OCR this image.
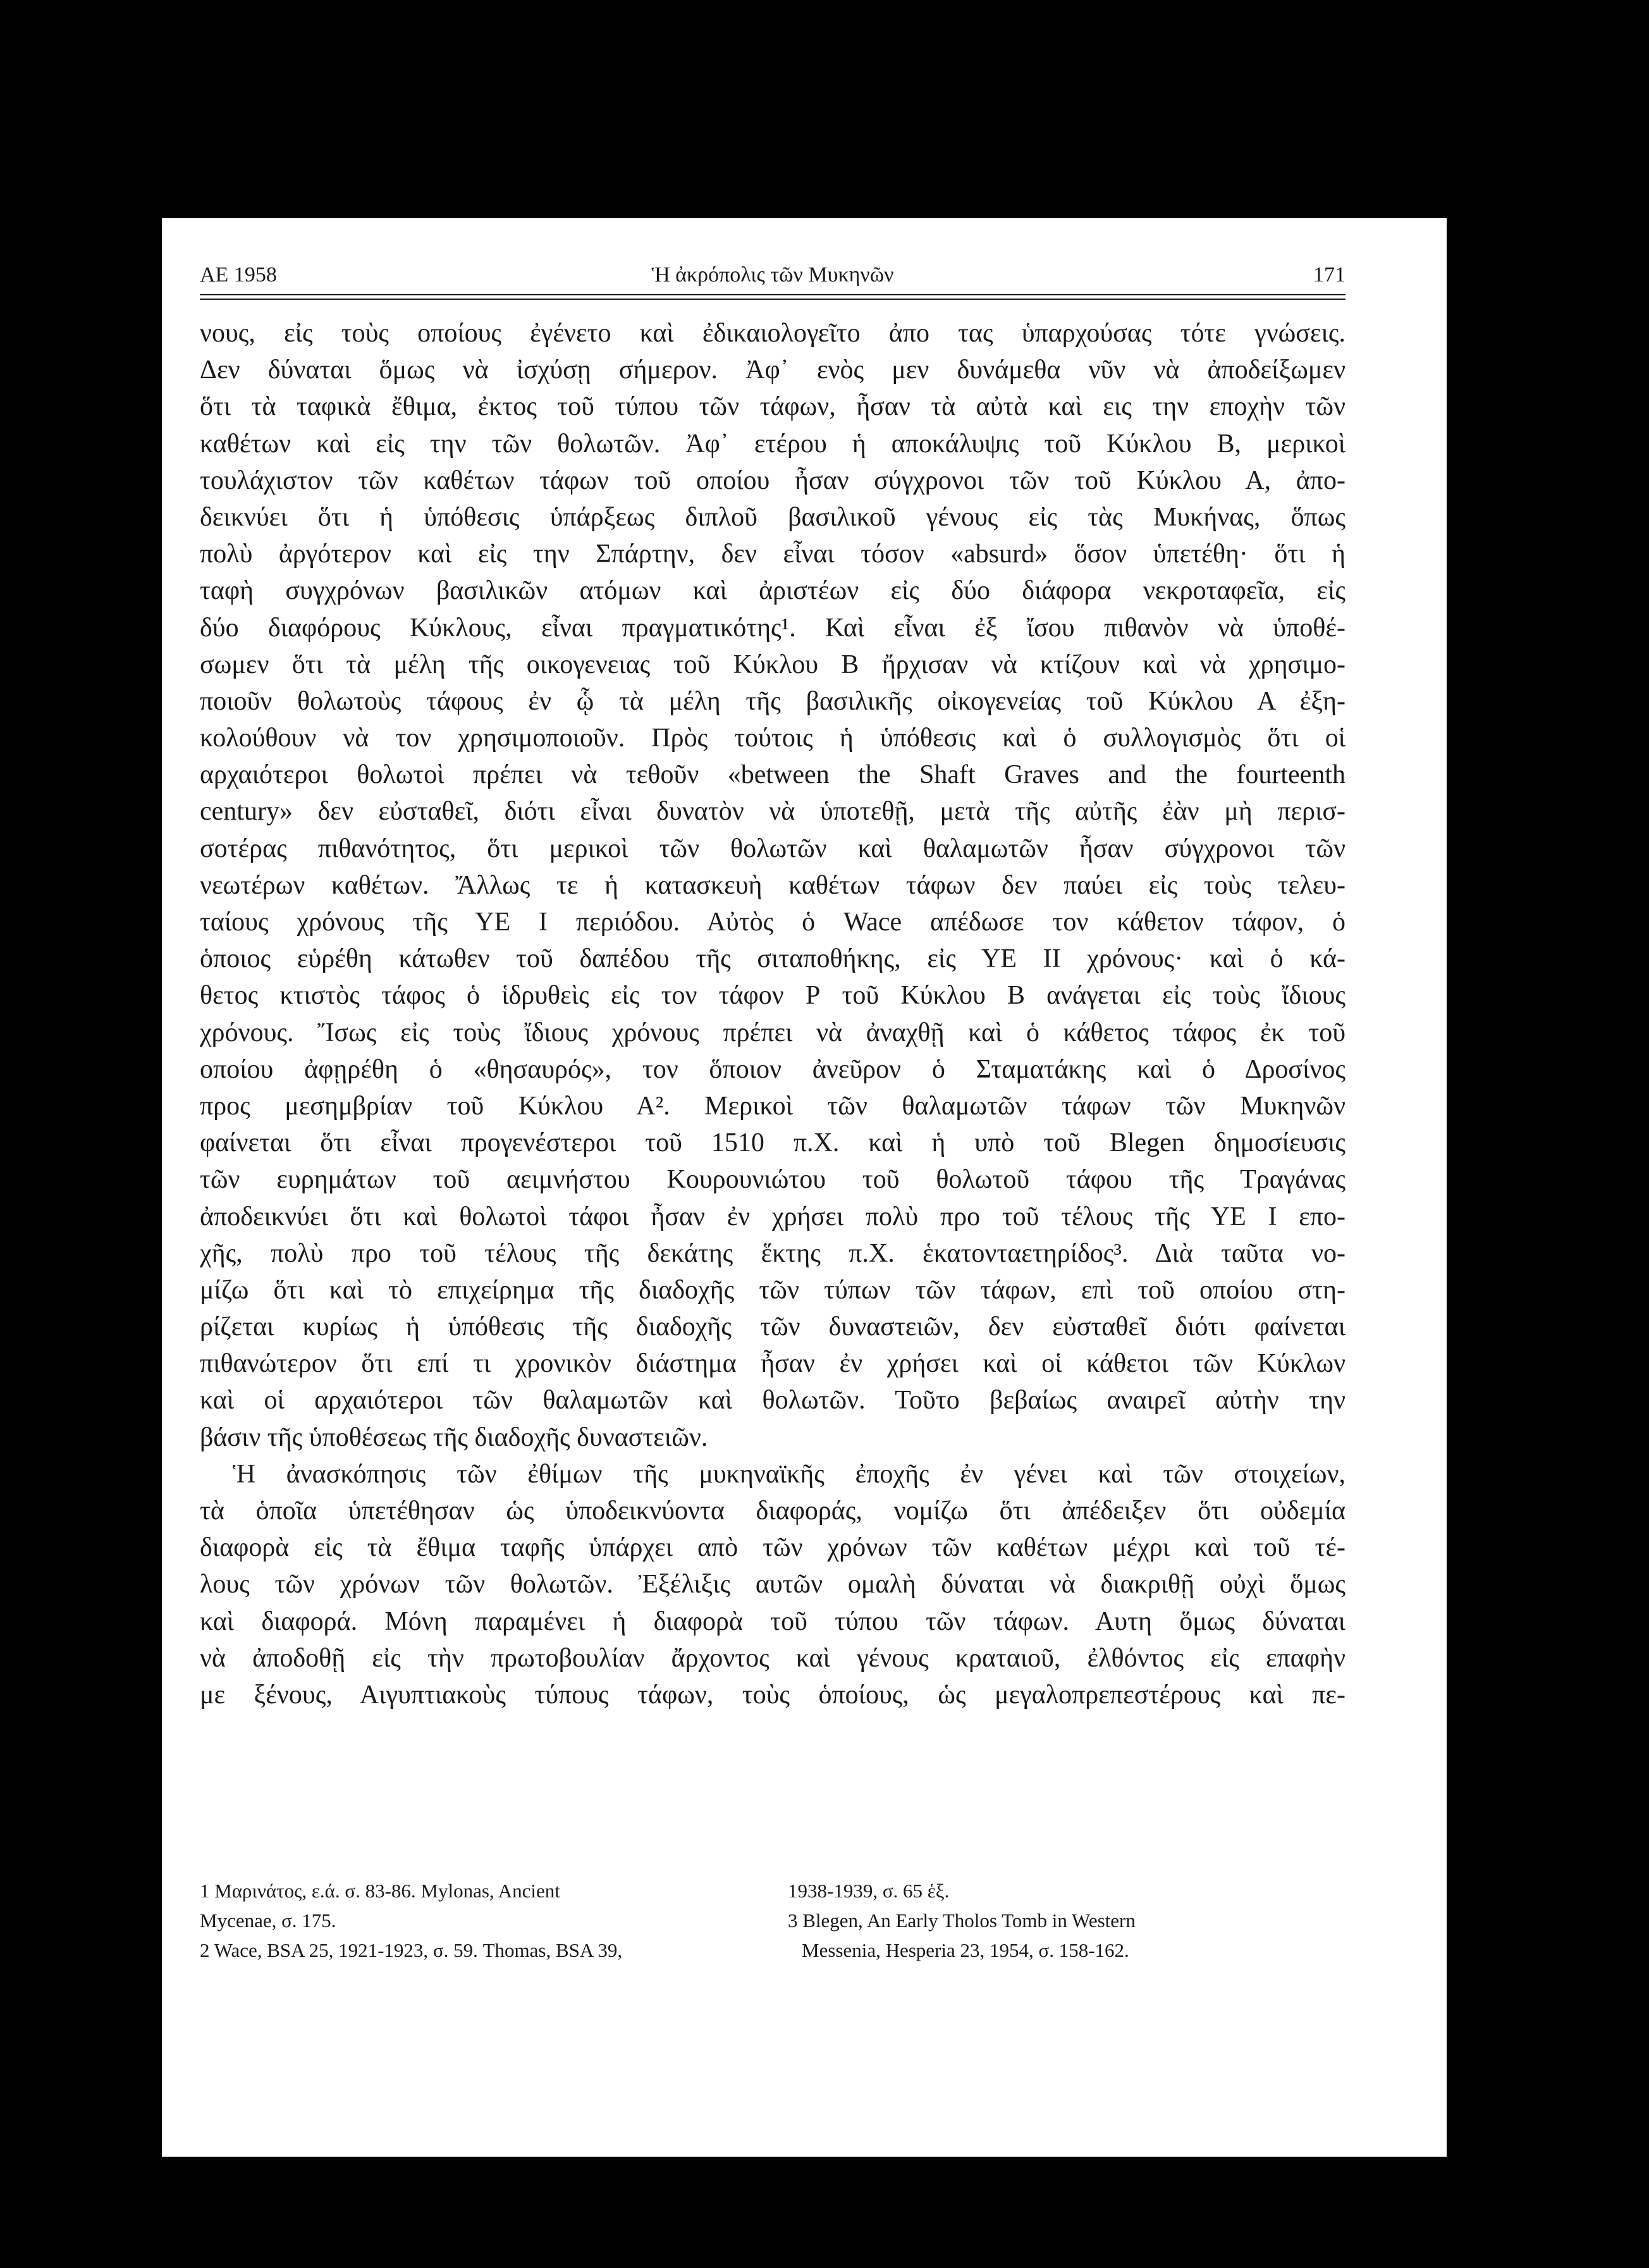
ΑΕ 1958	Ἡ ἀκρόπολις τῶν Μυκηνῶν	171
νους, εἰς τοὺς οποίους ἐγένετο καὶ ἐδικαιολογεῖτο ἀπο τας ὑπαρχούσας τότε γνώσεις.
Δεν δύναται ὅμως νὰ ἰσχύσῃ σήμερον. Ἀφ᾽ ενὸς μεν δυνάμεθα νῦν νὰ ἀποδείξωμεν
ὅτι τὰ ταφικὰ ἔθιμα, ἐκτος τοῦ τύπου τῶν τάφων, ἦσαν τὰ αὐτὰ καὶ εις την εποχὴν τῶν
καθέτων καὶ εἰς την τῶν θολωτῶν. Ἀφ᾽ ετέρου ἡ αποκάλυψις τοῦ Κύκλου Β, μερικοὶ
τουλάχιστον τῶν καθέτων τάφων τοῦ οποίου ἦσαν σύγχρονοι τῶν τοῦ Κύκλου Α, ἀπο-
δεικνύει ὅτι ἡ ὑπόθεσις ὑπάρξεως διπλοῦ βασιλικοῦ γένους εἰς τὰς Μυκήνας, ὅπως
πολὺ ἀργότερον καὶ εἰς την Σπάρτην, δεν εἶναι τόσον «absurd» ὅσον ὑπετέθη· ὅτι ἡ
ταφὴ συγχρόνων βασιλικῶν ατόμων καὶ ἀριστέων εἰς δύο διάφορα νεκροταφεῖα, εἰς
δύο διαφόρους Κύκλους, εἶναι πραγματικότης¹. Καὶ εἶναι ἐξ ἴσου πιθανὸν νὰ ὑποθέ-
σωμεν ὅτι τὰ μέλη τῆς οικογενειας τοῦ Κύκλου Β ἤρχισαν νὰ κτίζουν καὶ νὰ χρησιμο-
ποιοῦν θολωτοὺς τάφους ἐν ᾧ τὰ μέλη τῆς βασιλικῆς οἰκογενείας τοῦ Κύκλου Α ἐξη-
κολούθουν νὰ τον χρησιμοποιοῦν. Πρὸς τούτοις ἡ ὑπόθεσις καὶ ὁ συλλογισμὸς ὅτι οἱ
αρχαιότεροι θολωτοὶ πρέπει νὰ τεθοῦν «between the Shaft Graves and the fourteenth
century» δεν εὐσταθεῖ, διότι εἶναι δυνατὸν νὰ ὑποτεθῇ, μετὰ τῆς αὐτῆς ἐὰν μὴ περισ-
σοτέρας πιθανότητος, ὅτι μερικοὶ τῶν θολωτῶν καὶ θαλαμωτῶν ἦσαν σύγχρονοι τῶν
νεωτέρων καθέτων. Ἄλλως τε ἡ κατασκευὴ καθέτων τάφων δεν παύει εἰς τοὺς τελευ-
ταίους χρόνους τῆς ΥΕ Ι περιόδου. Αὐτὸς ὁ Wace απέδωσε τον κάθετον τάφον, ὁ
ὁποιος εὑρέθη κάτωθεν τοῦ δαπέδου τῆς σιταποθήκης, εἰς ΥΕ ΙΙ χρόνους· καὶ ὁ κά-
θετος κτιστὸς τάφος ὁ ἱδρυθεὶς εἰς τον τάφον Ρ τοῦ Κύκλου Β ανάγεται εἰς τοὺς ἴδιους
χρόνους. Ἴσως εἰς τοὺς ἴδιους χρόνους πρέπει νὰ ἀναχθῇ καὶ ὁ κάθετος τάφος ἐκ τοῦ
οποίου ἀφῃρέθη ὁ «θησαυρός», τον ὅποιον ἀνεῦρον ὁ Σταματάκης καὶ ὁ Δροσίνος
προς μεσημβρίαν τοῦ Κύκλου Α². Μερικοὶ τῶν θαλαμωτῶν τάφων τῶν Μυκηνῶν
φαίνεται ὅτι εἶναι προγενέστεροι τοῦ 1510 π.Χ. καὶ ἡ υπὸ τοῦ Blegen δημοσίευσις
τῶν ευρημάτων τοῦ αειμνήστου Κουρουνιώτου τοῦ θολωτοῦ τάφου τῆς Τραγάνας
ἀποδεικνύει ὅτι καὶ θολωτοὶ τάφοι ἦσαν ἐν χρήσει πολὺ προ τοῦ τέλους τῆς ΥΕ Ι επο-
χῆς, πολὺ προ τοῦ τέλους τῆς δεκάτης ἕκτης π.Χ. ἑκατονταετηρίδος³. Διὰ ταῦτα νο-
μίζω ὅτι καὶ τὸ επιχείρημα τῆς διαδοχῆς τῶν τύπων τῶν τάφων, επὶ τοῦ οποίου στη-
ρίζεται κυρίως ἡ ὑπόθεσις τῆς διαδοχῆς τῶν δυναστειῶν, δεν εὐσταθεῖ διότι φαίνεται
πιθανώτερον ὅτι επί τι χρονικὸν διάστημα ἦσαν ἐν χρήσει καὶ οἱ κάθετοι τῶν Κύκλων
καὶ οἱ αρχαιότεροι τῶν θαλαμωτῶν καὶ θολωτῶν. Τοῦτο βεβαίως αναιρεῖ αὐτὴν την
βάσιν τῆς ὑποθέσεως τῆς διαδοχῆς δυναστειῶν.
Ἡ ἀνασκόπησις τῶν ἐθίμων τῆς μυκηναϊκῆς ἐποχῆς ἐν γένει καὶ τῶν στοιχείων,
τὰ ὁποῖα ὑπετέθησαν ὡς ὑποδεικνύοντα διαφοράς, νομίζω ὅτι ἀπέδειξεν ὅτι οὐδεμία
διαφορὰ εἰς τὰ ἔθιμα ταφῆς ὑπάρχει απὸ τῶν χρόνων τῶν καθέτων μέχρι καὶ τοῦ τέ-
λους τῶν χρόνων τῶν θολωτῶν. Ἐξέλιξις αυτῶν ομαλὴ δύναται νὰ διακριθῇ οὐχὶ ὅμως
καὶ διαφορά. Μόνη παραμένει ἡ διαφορὰ τοῦ τύπου τῶν τάφων. Αυτη ὅμως δύναται
νὰ ἀποδοθῇ εἰς τὴν πρωτοβουλίαν ἄρχοντος καὶ γένους κραταιοῦ, ἐλθόντος εἰς επαφὴν
με ξένους, Αιγυπτιακοὺς τύπους τάφων, τοὺς ὁποίους, ὡς μεγαλοπρεπεστέρους καὶ πε-
1 Μαρινάτος, ε.ά. σ. 83-86. Mylonas, Ancient
Mycenae, σ. 175.
2 Wace, BSA 25, 1921-1923, σ. 59. Thomas, BSA 39,
1938-1939, σ. 65 ἑξ.
3 Blegen, An Early Tholos Tomb in Western
Messenia, Hesperia 23, 1954, σ. 158-162.
